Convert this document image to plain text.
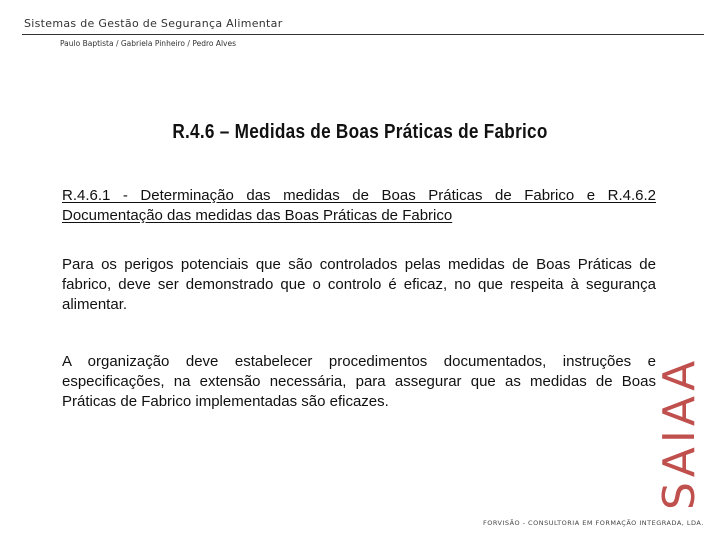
Sistemas de Gestão de Segurança Alimentar
Paulo Baptista / Gabriela Pinheiro / Pedro Alves
R.4.6 – Medidas de Boas Práticas de Fabrico
R.4.6.1 - Determinação das medidas de Boas Práticas de Fabrico e R.4.6.2 Documentação das medidas das Boas Práticas de Fabrico
Para os perigos potenciais que são controlados pelas medidas de Boas Práticas de fabrico, deve ser demonstrado que o controlo é eficaz, no que respeita à segurança alimentar.
A organização deve estabelecer procedimentos documentados, instruções e especificações, na extensão necessária, para assegurar que as medidas de Boas Práticas de Fabrico implementadas são eficazes.	SAIAA
FORVISÃO - CONSULTORIA EM FORMAÇÃO INTEGRADA, LDA.
